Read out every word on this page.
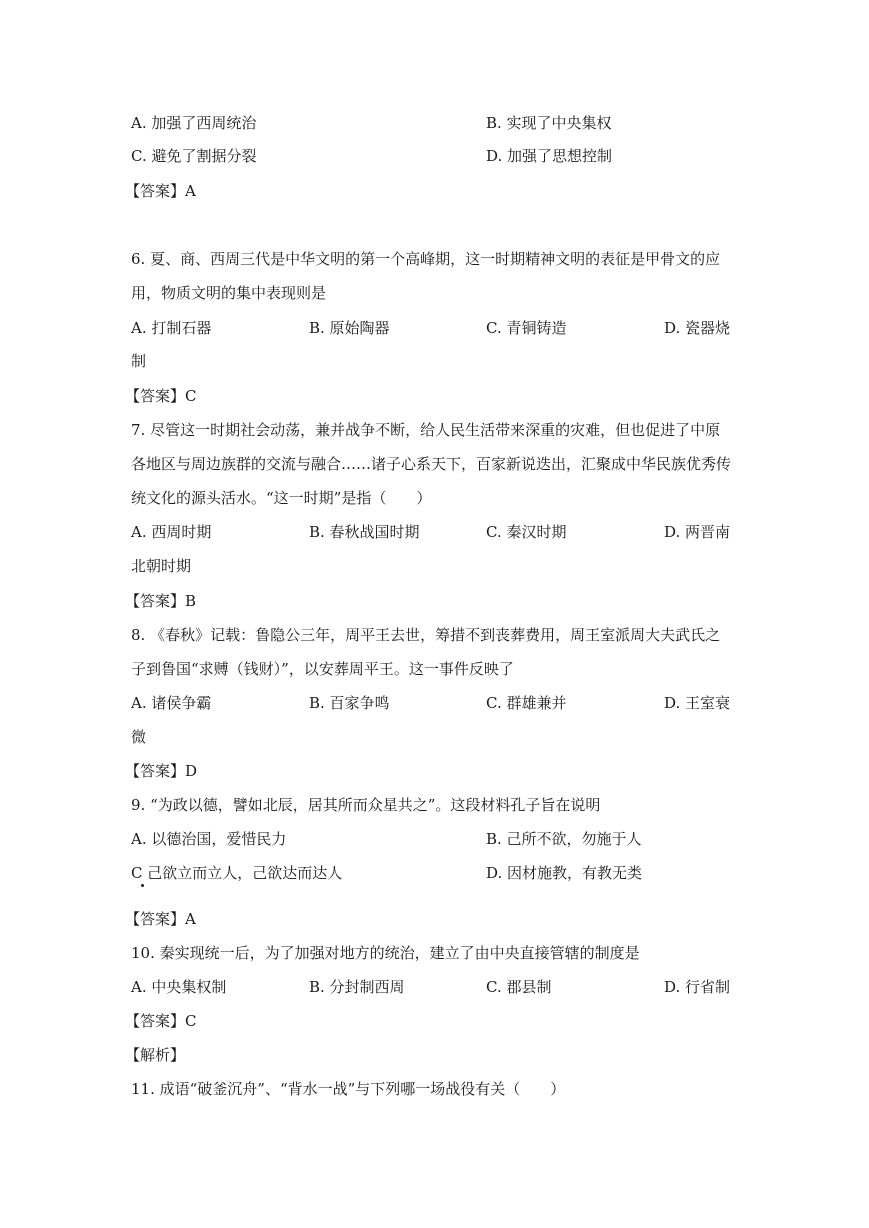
A. 加强了西周统治	B. 实现了中央集权
C. 避免了割据分裂	D. 加强了思想控制
【答案】A
6. 夏、商、西周三代是中华文明的第一个高峰期，这一时期精神文明的表征是甲骨文的应
用，物质文明的集中表现则是
A. 打制石器	B. 原始陶器	C. 青铜铸造	D. 瓷器烧
制
【答案】C
7. 尽管这一时期社会动荡，兼并战争不断，给人民生活带来深重的灾难，但也促进了中原
各地区与周边族群的交流与融合……诸子心系天下，百家新说迭出，汇聚成中华民族优秀传
统文化的源头活水。“这一时期”是指（　　）
A. 西周时期	B. 春秋战国时期	C. 秦汉时期	D. 两晋南
北朝时期
【答案】B
8. 《春秋》记载：鲁隐公三年，周平王去世，筹措不到丧葬费用，周王室派周大夫武氏之
子到鲁国“求赙（钱财）”，以安葬周平王。这一事件反映了
A. 诸侯争霸	B. 百家争鸣	C. 群雄兼并	D. 王室衰
微
【答案】D
9. “为政以德，譬如北辰，居其所而众星共之”。这段材料孔子旨在说明
A. 以德治国，爱惜民力	B. 己所不欲，勿施于人
C 己欲立而立人，己欲达而达人	D. 因材施教，有教无类
【答案】A
10. 秦实现统一后，为了加强对地方的统治，建立了由中央直接管辖的制度是
A. 中央集权制	B. 分封制西周	C. 郡县制	D. 行省制
【答案】C
【解析】
11. 成语“破釜沉舟”、“背水一战”与下列哪一场战役有关（　　）
